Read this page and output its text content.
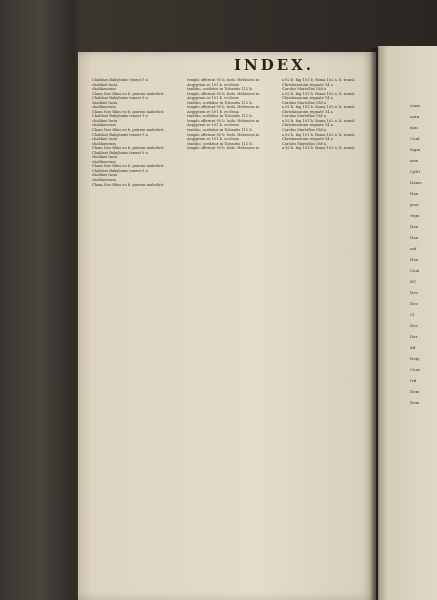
INDEX.
Chaldaei Babyloniis tenent 9 a
chaldaei lucia
chaldaeorum
Cham Noe filius eo b. patrem maledicti
Chaldaei Babyloniis tenent 9 a
chaldaei lucia
chaldaeorum
Cham Noe filius eo b. patrem maledicti
Chaldaei Babyloniis tenent 9 a
chaldaei lucia
chaldaeorum
Cham Noe filius eo b. patrem maledicti
Chaldaei Babyloniis tenent 9 a
chaldaei lucia
chaldaeorum
Cham Noe filius eo b. patrem maledicti
Chaldaei Babyloniis tenent 9 a
chaldaei lucia
chaldaeorum
Cham Noe filius eo b. patrem maledicti
Chaldaei Babyloniis tenent 9 a
chaldaei lucia
chaldaeorum
Cham Noe filius eo b. patrem maledicti
templo offerunt 95 b. Indo. Hebraeos in
Aegyptum re 101 b. ecclesia
traditio, scribitur in Tolosatis 112 b.
templo offerunt 95 b. Indo. Hebraeos in
Aegyptum re 101 b. ecclesia
traditio, scribitur in Tolosatis 112 b.
templo offerunt 95 b. Indo. Hebraeos in
Aegyptum re 101 b. ecclesia
traditio, scribitur in Tolosatis 112 b.
templo offerunt 95 b. Indo. Hebraeos in
Aegyptum re 101 b. ecclesia
traditio, scribitur in Tolosatis 112 b.
templo offerunt 95 b. Indo. Hebraeos in
Aegyptum re 101 b. ecclesia
traditio, scribitur in Tolosatis 112 b.
templo offerunt 95 b. Indo. Hebraeos in
a 82 b. fag 101 b. Roma 102 a. b. transl.
Christianorum regnate 14 a
Carolus Martellus 188 a
a 82 b. fag 101 b. Roma 102 a. b. transl.
Christianorum regnate 14 a
Carolus Martellus 188 a
a 82 b. fag 101 b. Roma 102 a. b. transl.
Christianorum regnate 14 a
Carolus Martellus 188 a
a 82 b. fag 101 b. Roma 102 a. b. transl.
Christianorum regnate 14 a
Carolus Martellus 188 a
a 82 b. fag 101 b. Roma 102 a. b. transl.
Christianorum regnate 14 a
Carolus Martellus 188 a
a 82 b. fag 101 b. Roma 102 a. b. transl.
cium
natu
min
Conf
fagin
sem
Cyfri
Damo
Dan
post
regn
Dan
Dan
eaf
Dan
Coni
DC
Dec
Dec
CI
Dec
Der
Ad
Deip
Cons
Ivd
Dem
Dem
